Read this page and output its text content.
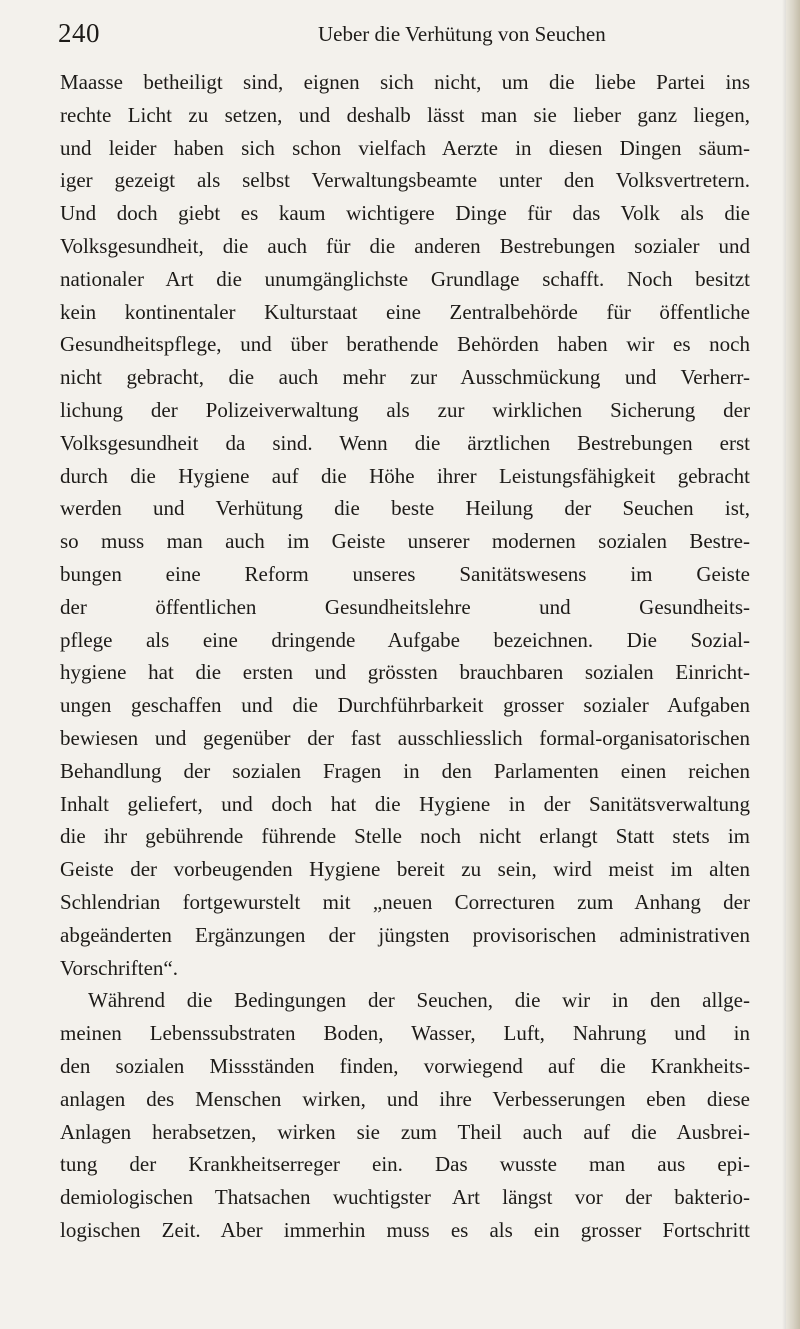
240	Ueber die Verhütung von Seuchen
Maasse betheiligt sind, eignen sich nicht, um die liebe Partei ins
rechte Licht zu setzen, und deshalb lässt man sie lieber ganz liegen,
und leider haben sich schon vielfach Aerzte in diesen Dingen säum-
iger gezeigt als selbst Verwaltungsbeamte unter den Volksvertretern.
Und doch giebt es kaum wichtigere Dinge für das Volk als die
Volksgesundheit, die auch für die anderen Bestrebungen sozialer und
nationaler Art die unumgänglichste Grundlage schafft. Noch besitzt
kein kontinentaler Kulturstaat eine Zentralbehörde für öffentliche
Gesundheitspflege, und über berathende Behörden haben wir es noch
nicht gebracht, die auch mehr zur Ausschmückung und Verherr-
lichung der Polizeiverwaltung als zur wirklichen Sicherung der
Volksgesundheit da sind. Wenn die ärztlichen Bestrebungen erst
durch die Hygiene auf die Höhe ihrer Leistungsfähigkeit gebracht
werden und Verhütung die beste Heilung der Seuchen ist,
so muss man auch im Geiste unserer modernen sozialen Bestre-
bungen eine Reform unseres Sanitätswesens im Geiste
der öffentlichen Gesundheitslehre und Gesundheits-
pflege als eine dringende Aufgabe bezeichnen. Die Sozial-
hygiene hat die ersten und grössten brauchbaren sozialen Einricht-
ungen geschaffen und die Durchführbarkeit grosser sozialer Aufgaben
bewiesen und gegenüber der fast ausschliesslich formal-organisatorischen
Behandlung der sozialen Fragen in den Parlamenten einen reichen
Inhalt geliefert, und doch hat die Hygiene in der Sanitätsverwaltung
die ihr gebührende führende Stelle noch nicht erlangt Statt stets im
Geiste der vorbeugenden Hygiene bereit zu sein, wird meist im alten
Schlendrian fortgewurstelt mit „neuen Correcturen zum Anhang der
abgeänderten Ergänzungen der jüngsten provisorischen administrativen
Vorschriften“.
Während die Bedingungen der Seuchen, die wir in den allge-
meinen Lebenssubstraten Boden, Wasser, Luft, Nahrung und in
den sozialen Missständen finden, vorwiegend auf die Krankheits-
anlagen des Menschen wirken, und ihre Verbesserungen eben diese
Anlagen herabsetzen, wirken sie zum Theil auch auf die Ausbrei-
tung der Krankheitserreger ein. Das wusste man aus epi-
demiologischen Thatsachen wuchtigster Art längst vor der bakterio-
logischen Zeit. Aber immerhin muss es als ein grosser Fortschritt
